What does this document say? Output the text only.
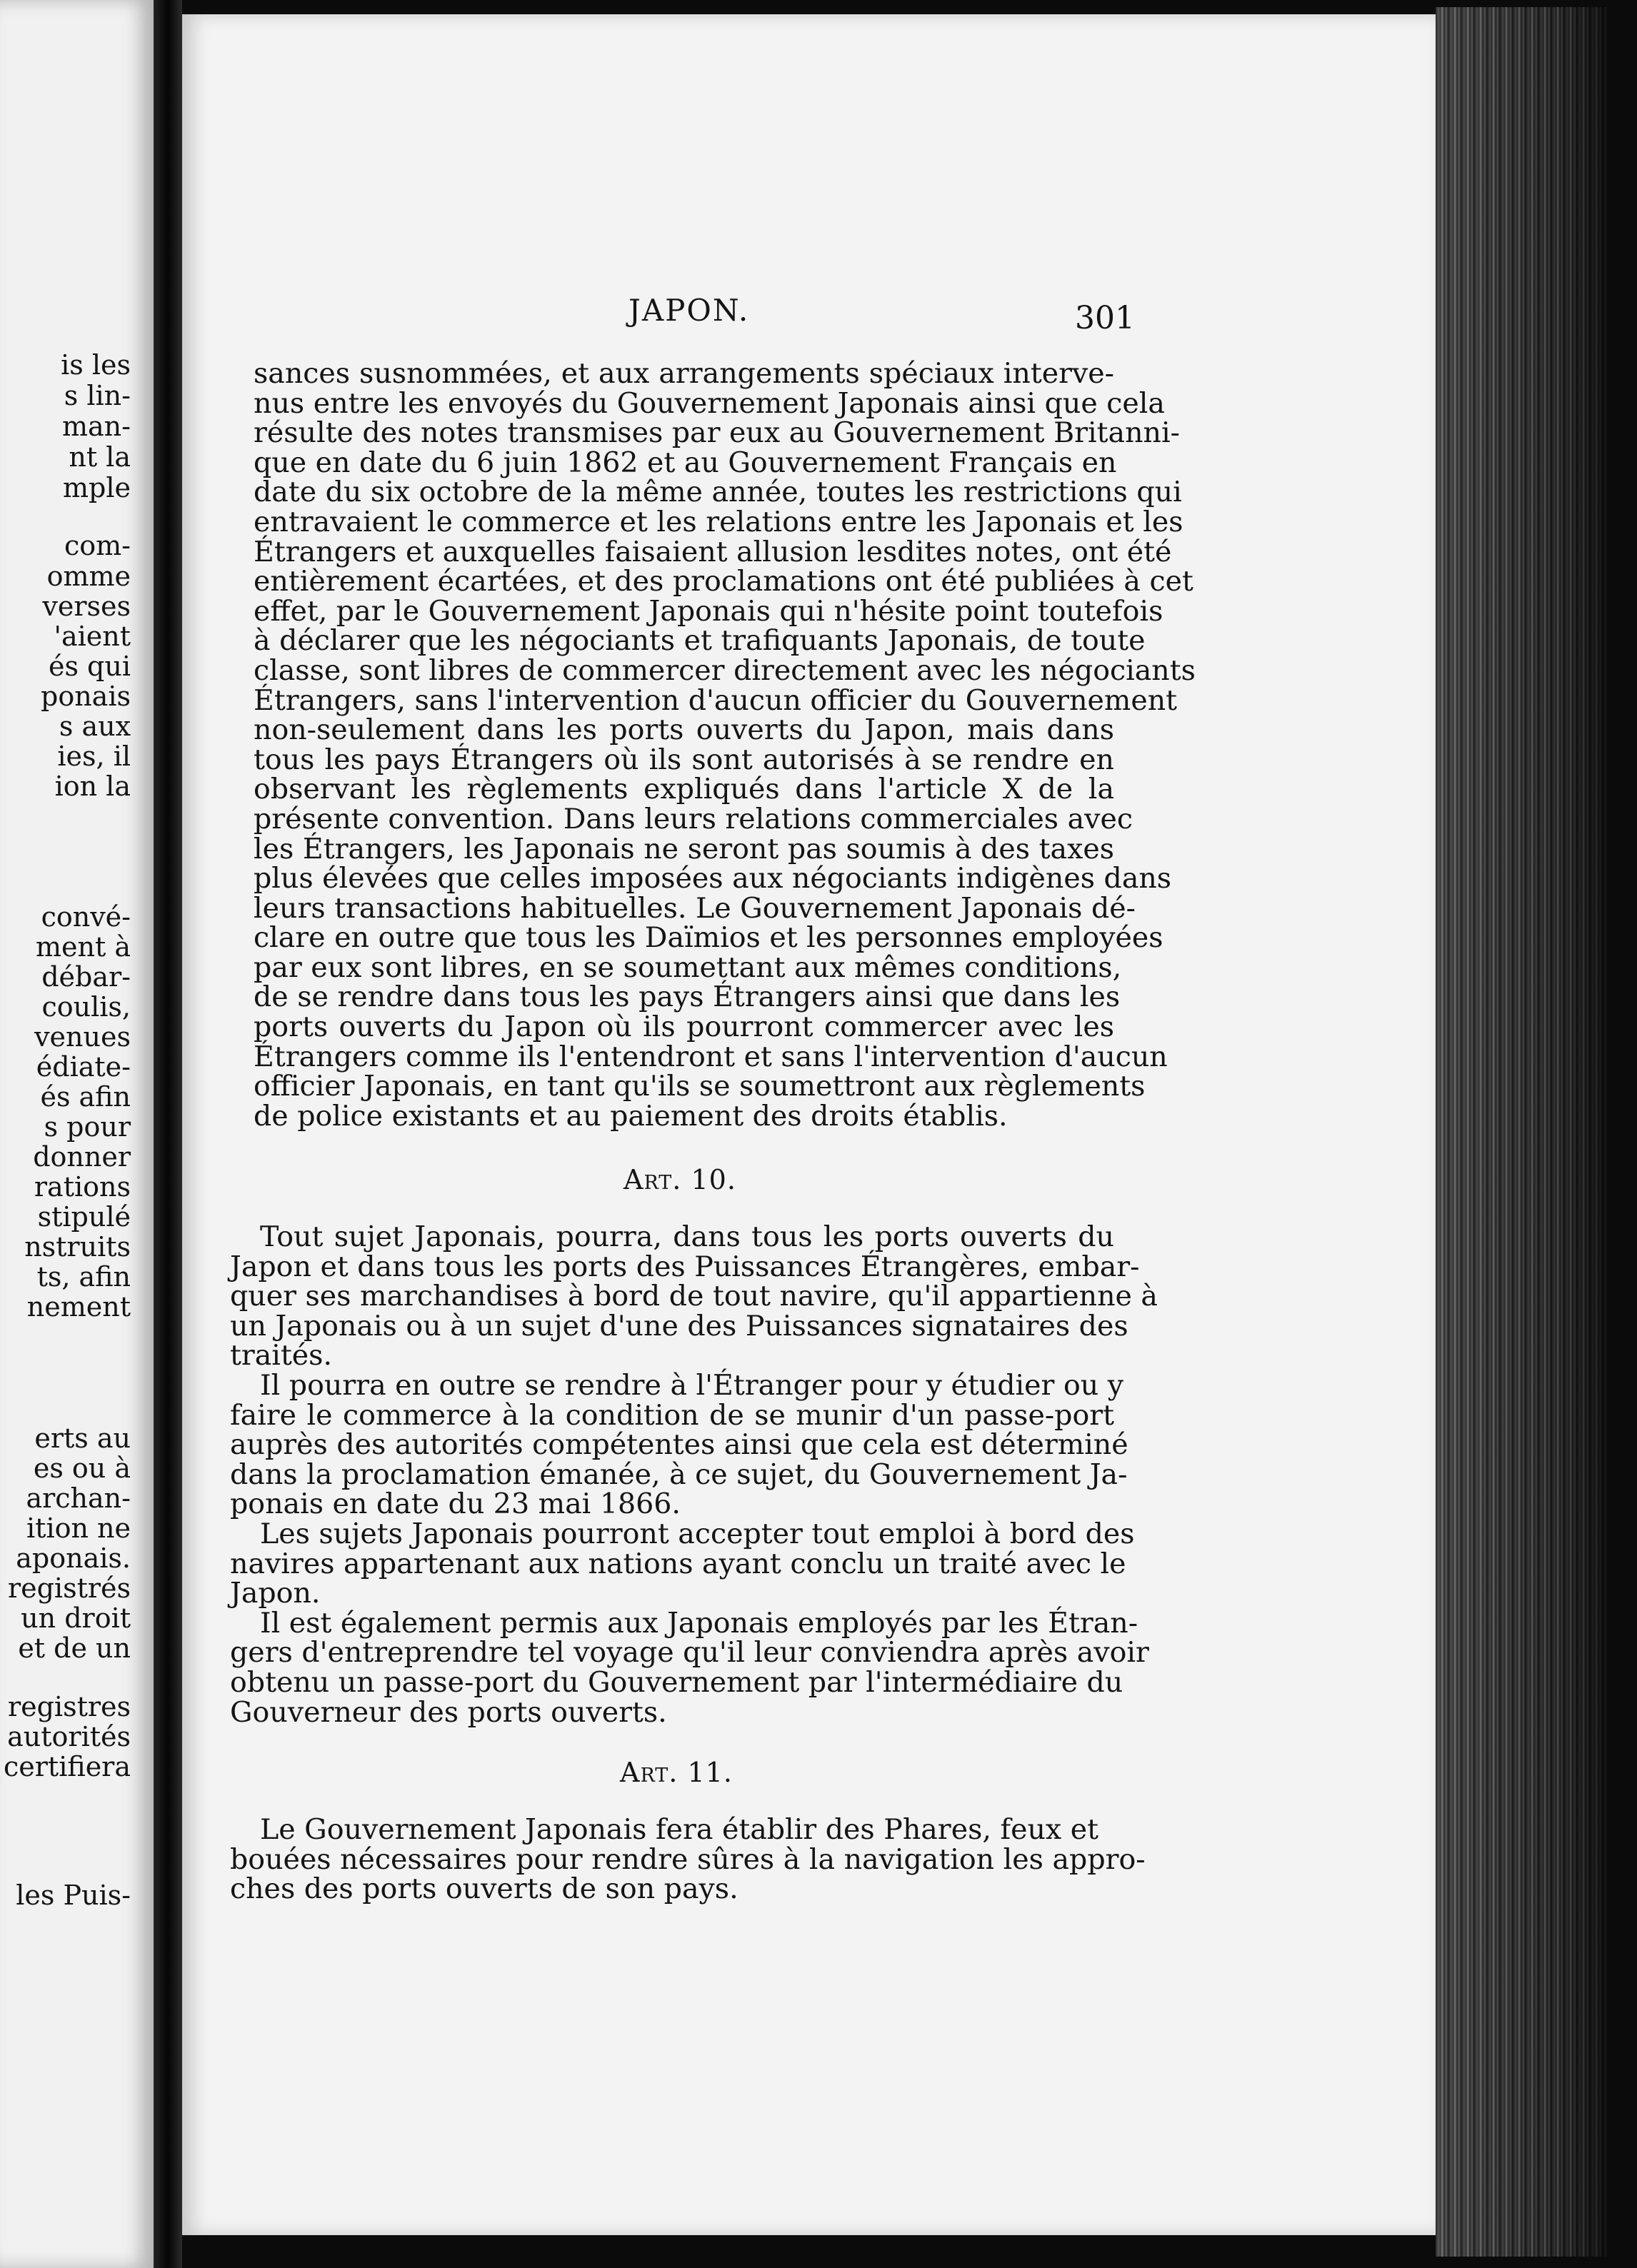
is les
s lin-
man-
nt la
mple
com-
omme
verses
'aient
és qui
ponais
s aux
ies, il
ion la
convé-
ment à
débar-
coulis,
venues
édiate-
és afin
s pour
donner
rations
stipulé
nstruits
ts, afin
nement
erts au
es ou à
archan-
ition ne
aponais.
registrés
un droit
et de un
registres
autorités
certifiera
les Puis-
JAPON.	301
sances susnommées, et aux arrangements spéciaux interve-
nus entre les envoyés du Gouvernement Japonais ainsi que cela
résulte des notes transmises par eux au Gouvernement Britanni-
que en date du 6 juin 1862 et au Gouvernement Français en
date du six octobre de la même année, toutes les restrictions qui
entravaient le commerce et les relations entre les Japonais et les
Étrangers et auxquelles faisaient allusion lesdites notes, ont été
entièrement écartées, et des proclamations ont été publiées à cet
effet, par le Gouvernement Japonais qui n'hésite point toutefois
à déclarer que les négociants et trafiquants Japonais, de toute
classe, sont libres de commercer directement avec les négociants
Étrangers, sans l'intervention d'aucun officier du Gouvernement
non-seulement dans les ports ouverts du Japon, mais dans
tous les pays Étrangers où ils sont autorisés à se rendre en
observant les règlements expliqués dans l'article X de la
présente convention. Dans leurs relations commerciales avec
les Étrangers, les Japonais ne seront pas soumis à des taxes
plus élevées que celles imposées aux négociants indigènes dans
leurs transactions habituelles. Le Gouvernement Japonais dé-
clare en outre que tous les Daïmios et les personnes employées
par eux sont libres, en se soumettant aux mêmes conditions,
de se rendre dans tous les pays Étrangers ainsi que dans les
ports ouverts du Japon où ils pourront commercer avec les
Étrangers comme ils l'entendront et sans l'intervention d'aucun
officier Japonais, en tant qu'ils se soumettront aux règlements
de police existants et au paiement des droits établis.
Art. 10.
Tout sujet Japonais, pourra, dans tous les ports ouverts du
Japon et dans tous les ports des Puissances Étrangères, embar-
quer ses marchandises à bord de tout navire, qu'il appartienne à
un Japonais ou à un sujet d'une des Puissances signataires des
traités.
Il pourra en outre se rendre à l'Étranger pour y étudier ou y
faire le commerce à la condition de se munir d'un passe-port
auprès des autorités compétentes ainsi que cela est déterminé
dans la proclamation émanée, à ce sujet, du Gouvernement Ja-
ponais en date du 23 mai 1866.
Les sujets Japonais pourront accepter tout emploi à bord des
navires appartenant aux nations ayant conclu un traité avec le
Japon.
Il est également permis aux Japonais employés par les Étran-
gers d'entreprendre tel voyage qu'il leur conviendra après avoir
obtenu un passe-port du Gouvernement par l'intermédiaire du
Gouverneur des ports ouverts.
Art. 11.
Le Gouvernement Japonais fera établir des Phares, feux et
bouées nécessaires pour rendre sûres à la navigation les appro-
ches des ports ouverts de son pays.
